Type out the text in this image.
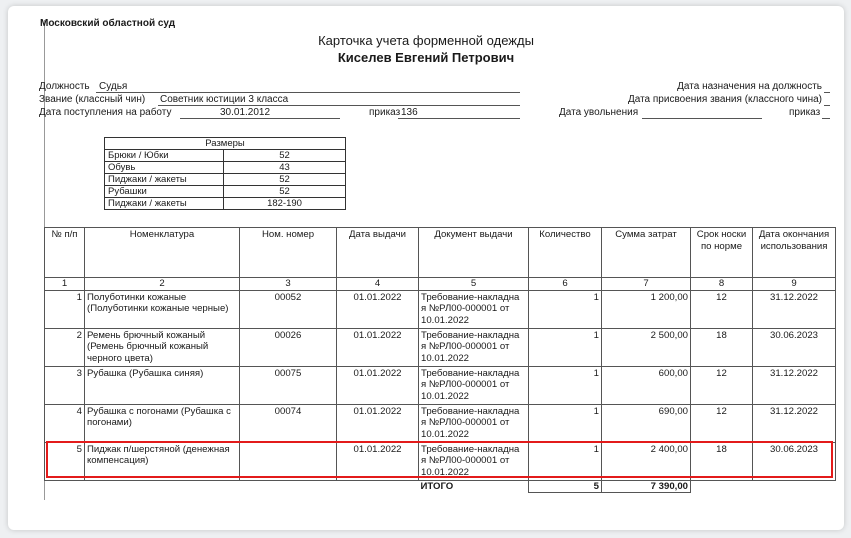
Московский областной суд
Карточка учета форменной одежды
Киселев Евгений Петрович
Должность Судья
Звание (классный чин) Советник юстиции 3 класса
Дата поступления на работу	30.01.2012	приказ 136
Дата назначения на должность
Дата присвоения звания (классного чина)
Дата увольнения	приказ
Размеры	
Брюки / Юбки	52
Обувь	43
Пиджаки / жакеты	52
Рубашки	52
Пиджаки / жакеты	182-190
№ п/п	Номенклатура	Ном. номер	Дата выдачи	Документ выдачи	Количество	Сумма затрат	Срок носки по норме	Дата окончания использования
1	2	3	4	5	6	7	8	9
1	Полуботинки кожаные (Полуботинки кожаные черные)	00052	01.01.2022	Требование-накладна я №РЛ00-000001 от 10.01.2022	1	1 200,00	12	31.12.2022
2	Ремень брючный кожаный (Ремень брючный кожаный черного цвета)	00026	01.01.2022	Требование-накладна я №РЛ00-000001 от 10.01.2022	1	2 500,00	18	30.06.2023
3	Рубашка (Рубашка синяя)	00075	01.01.2022	Требование-накладна я №РЛ00-000001 от 10.01.2022	1	600,00	12	31.12.2022
4	Рубашка с погонами (Рубашка с погонами)	00074	01.01.2022	Требование-накладна я №РЛ00-000001 от 10.01.2022	1	690,00	12	31.12.2022
5	Пиджак п/шерстяной (денежная компенсация)		01.01.2022	Требование-накладна я №РЛ00-000001 от 10.01.2022	1	2 400,00	18	30.06.2023
				ИТОГО	5	7 390,00		
